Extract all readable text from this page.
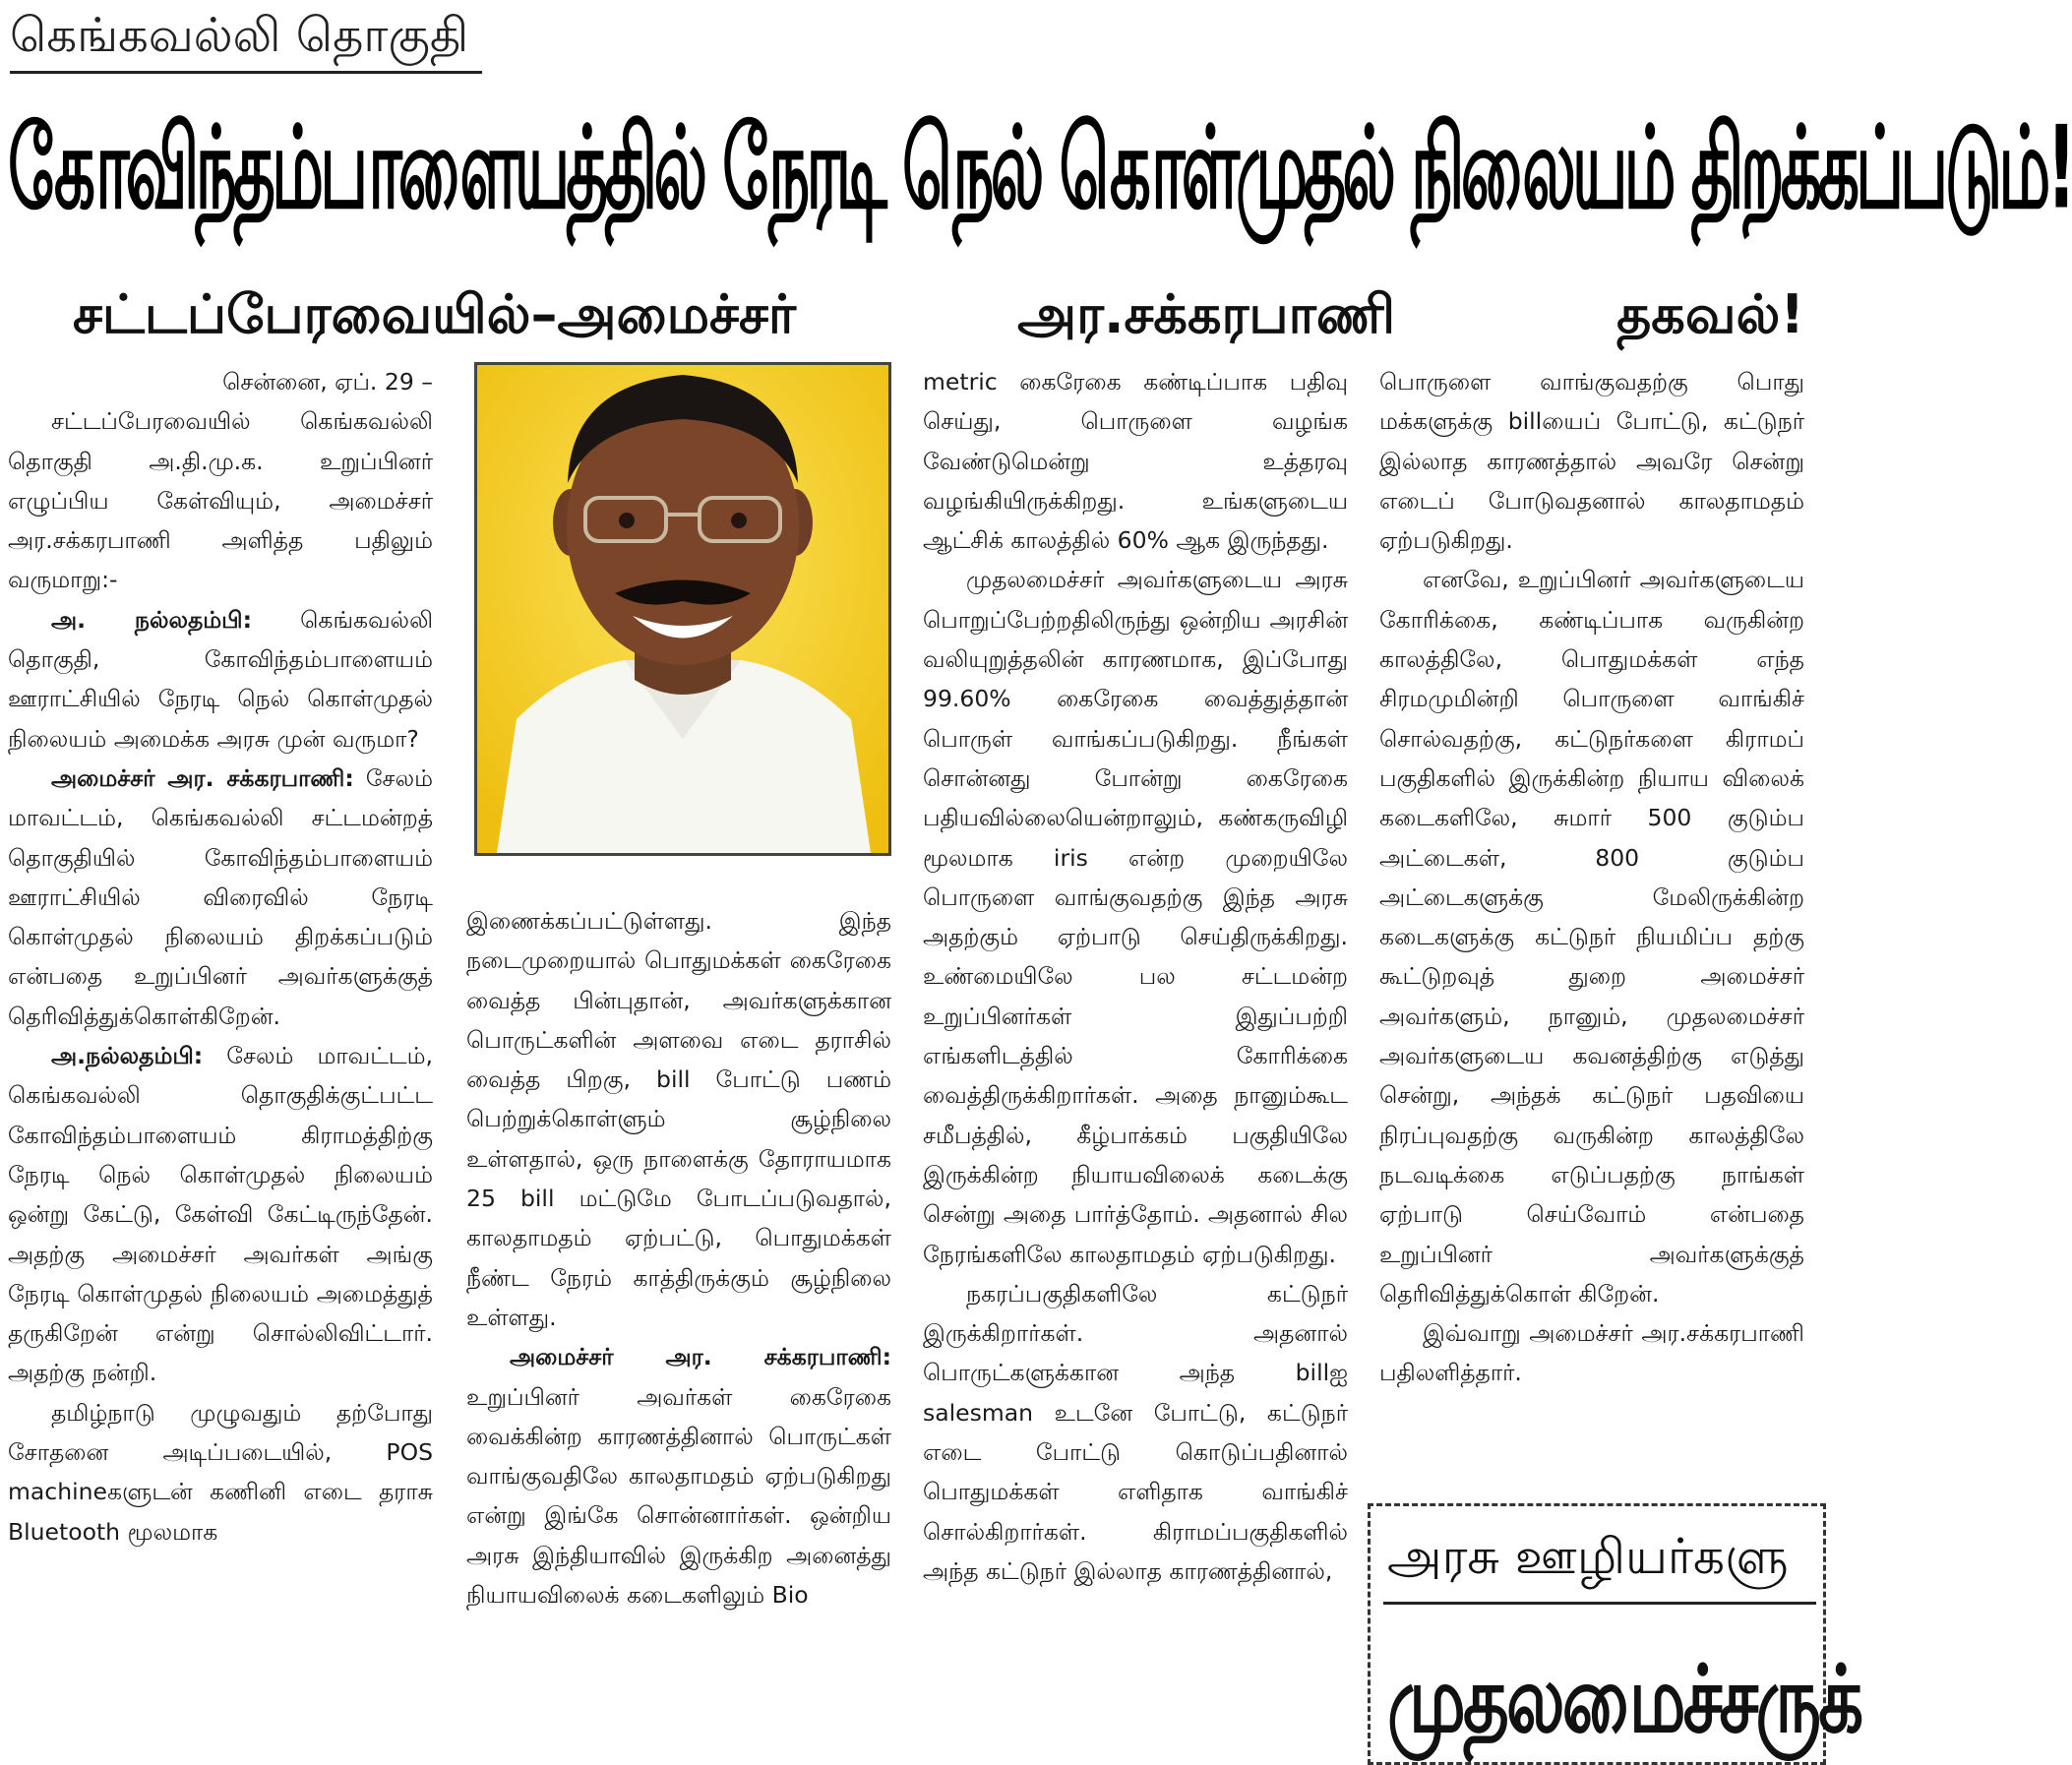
கெங்கவல்லி தொகுதி
கோவிந்தம்பாளையத்தில் நேரடி நெல் கொள்முதல் நிலையம் திறக்கப்படும்!
சட்டப்பேரவையில்–அமைச்சர்	அர.சக்கரபாணி	தகவல்!

சென்னை, ஏப். 29 –

சட்டப்பேரவையில் கெங்கவல்லி தொகுதி அ.தி.மு.க. உறுப்பினர் எழுப்பிய கேள்வியும், அமைச்சர் அர.சக்கரபாணி அளித்த பதிலும் வருமாறு:-

அ. நல்லதம்பி: கெங்கவல்லி தொகுதி, கோவிந்தம்பாளையம் ஊராட்சியில் நேரடி நெல் கொள்முதல் நிலையம் அமைக்க அரசு முன் வருமா?

அமைச்சர் அர. சக்கரபாணி: சேலம் மாவட்டம், கெங்கவல்லி சட்டமன்றத் தொகுதியில் கோவிந்தம்பாளையம் ஊராட்சியில் விரைவில் நேரடி கொள்முதல் நிலையம் திறக்கப்படும் என்பதை உறுப்பினர் அவர்களுக்குத் தெரிவித்துக்கொள்கிறேன்.

அ.நல்லதம்பி: சேலம் மாவட்டம், கெங்கவல்லி தொகுதிக்குட்பட்ட கோவிந்தம்பாளையம் கிராமத்திற்கு நேரடி நெல் கொள்முதல் நிலையம் ஒன்று கேட்டு, கேள்வி கேட்டிருந்தேன். அதற்கு அமைச்சர் அவர்கள் அங்கு நேரடி கொள்முதல் நிலையம் அமைத்துத் தருகிறேன் என்று சொல்லிவிட்டார். அதற்கு நன்றி.

தமிழ்நாடு முழுவதும் தற்போது சோதனை அடிப்படையில், POS machineகளுடன் கணினி எடை தராசு Bluetooth மூலமாக

இணைக்கப்பட்டுள்ளது. இந்த நடைமுறையால் பொதுமக்கள் கைரேகை வைத்த பின்புதான், அவர்களுக்கான பொருட்களின் அளவை எடை தராசில் வைத்த பிறகு, bill போட்டு பணம் பெற்றுக்கொள்ளும் சூழ்நிலை உள்ளதால், ஒரு நாளைக்கு தோராயமாக 25 bill மட்டுமே போடப்படுவதால், காலதாமதம் ஏற்பட்டு, பொதுமக்கள் நீண்ட நேரம் காத்திருக்கும் சூழ்நிலை உள்ளது.

அமைச்சர் அர. சக்கரபாணி: உறுப்பினர் அவர்கள் கைரேகை வைக்கின்ற காரணத்தினால் பொருட்கள் வாங்குவதிலே காலதாமதம் ஏற்படுகிறது என்று இங்கே சொன்னார்கள். ஒன்றிய அரசு இந்தியாவில் இருக்கிற அனைத்து நியாயவிலைக் கடைகளிலும் Bio

metric கைரேகை கண்டிப்பாக பதிவு செய்து, பொருளை வழங்க வேண்டுமென்று உத்தரவு வழங்கியிருக்கிறது. உங்களுடைய ஆட்சிக் காலத்தில் 60% ஆக இருந்தது.

முதலமைச்சர் அவர்களுடைய அரசு பொறுப்பேற்றதிலிருந்து ஒன்றிய அரசின் வலியுறுத்தலின் காரணமாக, இப்போது 99.60% கைரேகை வைத்துத்தான் பொருள் வாங்கப்படுகிறது. நீங்கள் சொன்னது போன்று கைரேகை பதியவில்லையென்றாலும், கண்கருவிழி மூலமாக iris என்ற முறையிலே பொருளை வாங்குவதற்கு இந்த அரசு அதற்கும் ஏற்பாடு செய்திருக்கிறது. உண்மையிலே பல சட்டமன்ற உறுப்பினர்கள் இதுப்பற்றி எங்களிடத்தில் கோரிக்கை வைத்திருக்கிறார்கள். அதை நானும்கூட சமீபத்தில், கீழ்பாக்கம் பகுதியிலே இருக்கின்ற நியாயவிலைக் கடைக்கு சென்று அதை பார்த்தோம். அதனால் சில நேரங்களிலே காலதாமதம் ஏற்படுகிறது.

நகரப்பகுதிகளிலே கட்டுநர் இருக்கிறார்கள். அதனால் பொருட்களுக்கான அந்த billஐ salesman உடனே போட்டு, கட்டுநர் எடை போட்டு கொடுப்பதினால் பொதுமக்கள் எளிதாக வாங்கிச் சொல்கிறார்கள். கிராமப்பகுதிகளில் அந்த கட்டுநர் இல்லாத காரணத்தினால்,

பொருளை வாங்குவதற்கு பொது மக்களுக்கு billயைப் போட்டு, கட்டுநர் இல்லாத காரணத்தால் அவரே சென்று எடைப் போடுவதனால் காலதாமதம் ஏற்படுகிறது.

எனவே, உறுப்பினர் அவர்களுடைய கோரிக்கை, கண்டிப்பாக வருகின்ற காலத்திலே, பொதுமக்கள் எந்த சிரமமுமின்றி பொருளை வாங்கிச் சொல்வதற்கு, கட்டுநர்களை கிராமப் பகுதிகளில் இருக்கின்ற நியாய விலைக் கடைகளிலே, சுமார் 500 குடும்ப அட்டைகள், 800 குடும்ப அட்டைகளுக்கு மேலிருக்கின்ற கடைகளுக்கு கட்டுநர் நியமிப்ப தற்கு கூட்டுறவுத் துறை அமைச்சர் அவர்களும், நானும், முதலமைச்சர் அவர்களுடைய கவனத்திற்கு எடுத்து சென்று, அந்தக் கட்டுநர் பதவியை நிரப்புவதற்கு வருகின்ற காலத்திலே நடவடிக்கை எடுப்பதற்கு நாங்கள் ஏற்பாடு செய்வோம் என்பதை உறுப்பினர் அவர்களுக்குத் தெரிவித்துக்கொள் கிறேன்.

இவ்வாறு அமைச்சர் அர.சக்கரபாணி பதிலளித்தார்.

அரசு ஊழியர்களு
முதலமைச்சருக்
